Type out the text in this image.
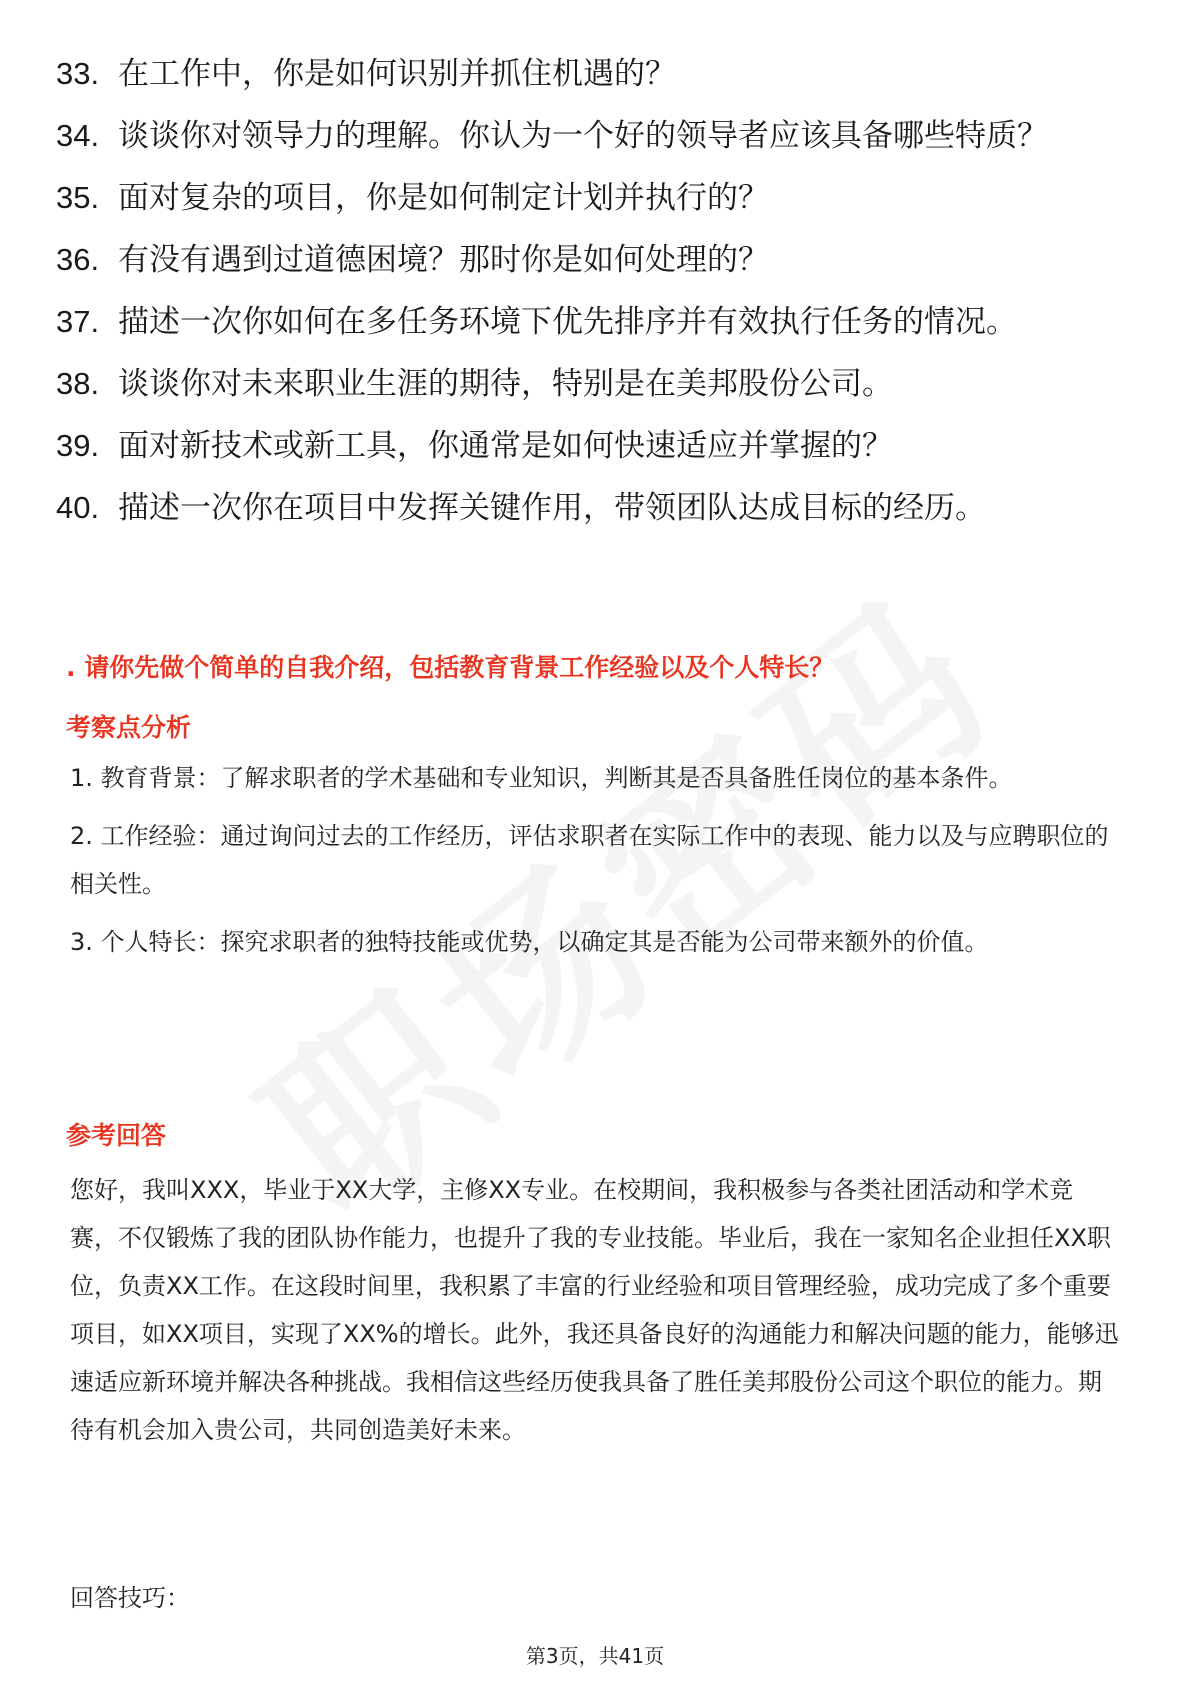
33. 在工作中，你是如何识别并抓住机遇的？
34. 谈谈你对领导力的理解。你认为一个好的领导者应该具备哪些特质？
35. 面对复杂的项目，你是如何制定计划并执行的？
36. 有没有遇到过道德困境？那时你是如何处理的？
37. 描述一次你如何在多任务环境下优先排序并有效执行任务的情况。
38. 谈谈你对未来职业生涯的期待，特别是在美邦股份公司。
39. 面对新技术或新工具，你通常是如何快速适应并掌握的？
40. 描述一次你在项目中发挥关键作用，带领团队达成目标的经历。
. 请你先做个简单的自我介绍，包括教育背景工作经验以及个人特长？
考察点分析

1. 教育背景：了解求职者的学术基础和专业知识，判断其是否具备胜任岗位的基本条件。

2. 工作经验：通过询问过去的工作经历，评估求职者在实际工作中的表现、能力以及与应聘职位的相关性。

3. 个人特长：探究求职者的独特技能或优势，以确定其是否能为公司带来额外的价值。

参考回答

您好，我叫XXX，毕业于XX大学，主修XX专业。在校期间，我积极参与各类社团活动和学术竞赛，不仅锻炼了我的团队协作能力，也提升了我的专业技能。毕业后，我在一家知名企业担任XX职位，负责XX工作。在这段时间里，我积累了丰富的行业经验和项目管理经验，成功完成了多个重要项目，如XX项目，实现了XX%的增长。此外，我还具备良好的沟通能力和解决问题的能力，能够迅速适应新环境并解决各种挑战。我相信这些经历使我具备了胜任美邦股份公司这个职位的能力。期待有机会加入贵公司，共同创造美好未来。

回答技巧：
第3页，共41页
